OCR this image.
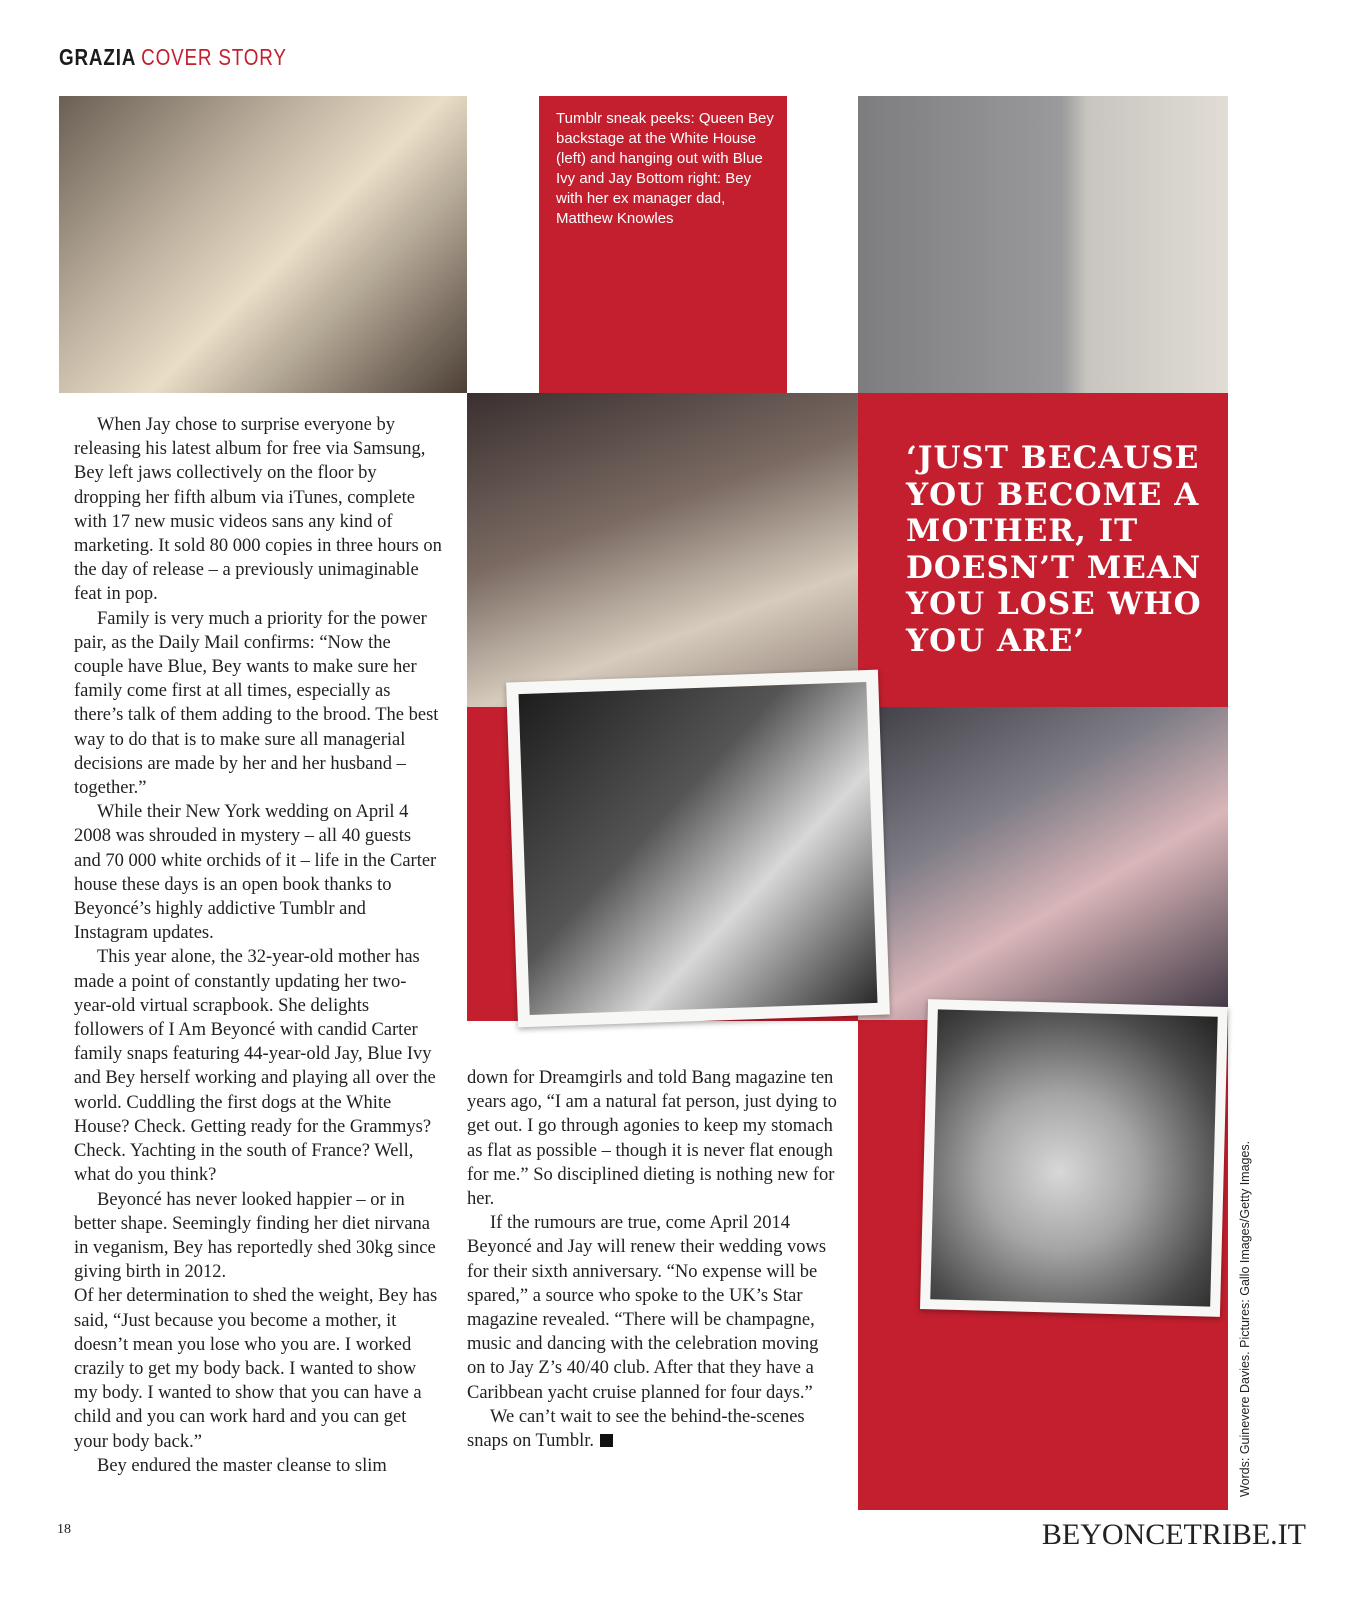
GRAZIA COVER STORY
Tumblr sneak peeks: Queen Bey backstage at the White House (left) and hanging out with Blue Ivy and Jay Bottom right: Bey with her ex manager dad, Matthew Knowles
‘JUST BECAUSE YOU BECOME A MOTHER, IT DOESN’T MEAN YOU LOSE WHO YOU ARE’

When Jay chose to surprise everyone by releasing his latest album for free via Samsung, Bey left jaws collectively on the floor by dropping her fifth album via iTunes, complete with 17 new music videos sans any kind of marketing. It sold 80 000 copies in three hours on the day of release – a previously unimaginable feat in pop.

Family is very much a priority for the power pair, as the Daily Mail confirms: “Now the couple have Blue, Bey wants to make sure her family come first at all times, especially as there’s talk of them adding to the brood. The best way to do that is to make sure all managerial decisions are made by her and her husband – together.”

While their New York wedding on April 4 2008 was shrouded in mystery – all 40 guests and 70 000 white orchids of it – life in the Carter house these days is an open book thanks to Beyoncé’s highly addictive Tumblr and Instagram updates.

This year alone, the 32-year-old mother has made a point of constantly updating her two-year-old virtual scrapbook. She delights followers of I Am Beyoncé with candid Carter family snaps featuring 44-year-old Jay, Blue Ivy and Bey herself working and playing all over the world. Cuddling the first dogs at the White House? Check. Getting ready for the Grammys? Check. Yachting in the south of France? Well, what do you think?

Beyoncé has never looked happier – or in better shape. Seemingly finding her diet nirvana in veganism, Bey has reportedly shed 30kg since giving birth in 2012.

Of her determination to shed the weight, Bey has said, “Just because you become a mother, it doesn’t mean you lose who you are. I worked crazily to get my body back. I wanted to show my body. I wanted to show that you can have a child and you can work hard and you can get your body back.”

Bey endured the master cleanse to slim

down for Dreamgirls and told Bang magazine ten years ago, “I am a natural fat person, just dying to get out. I go through agonies to keep my stomach as flat as possible – though it is never flat enough for me.” So disciplined dieting is nothing new for her.

If the rumours are true, come April 2014 Beyoncé and Jay will renew their wedding vows for their sixth anniversary. “No expense will be spared,” a source who spoke to the UK’s Star magazine revealed. “There will be champagne, music and dancing with the celebration moving on to Jay Z’s 40/40 club. After that they have a Caribbean yacht cruise planned for four days.”

We can’t wait to see the behind-the-scenes snaps on Tumblr.	Words: Guinevere Davies. Pictures: Gallo Images/Getty Images.
18	BEYONCETRIBE.IT
